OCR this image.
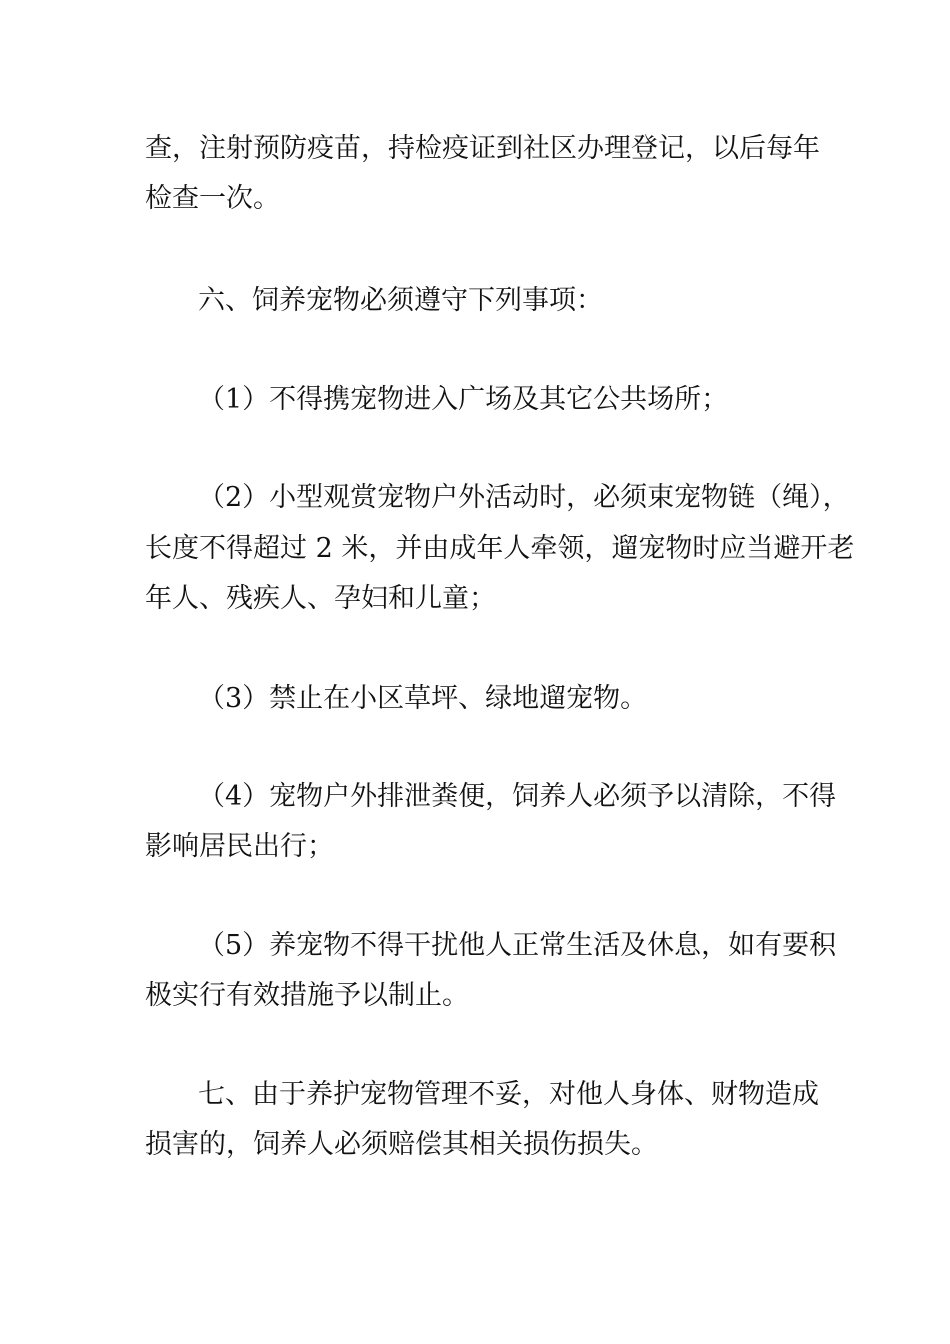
查，注射预防疫苗，持检疫证到社区办理登记，以后每年
检查一次。
六、饲养宠物必须遵守下列事项：
（1）不得携宠物进入广场及其它公共场所；
（2）小型观赏宠物户外活动时，必须束宠物链（绳），
长度不得超过 2 米，并由成年人牵领，遛宠物时应当避开老
年人、残疾人、孕妇和儿童；
（3）禁止在小区草坪、绿地遛宠物。
（4）宠物户外排泄粪便，饲养人必须予以清除，不得
影响居民出行；
（5）养宠物不得干扰他人正常生活及休息，如有要积
极实行有效措施予以制止。
七、由于养护宠物管理不妥，对他人身体、财物造成
损害的，饲养人必须赔偿其相关损伤损失。
